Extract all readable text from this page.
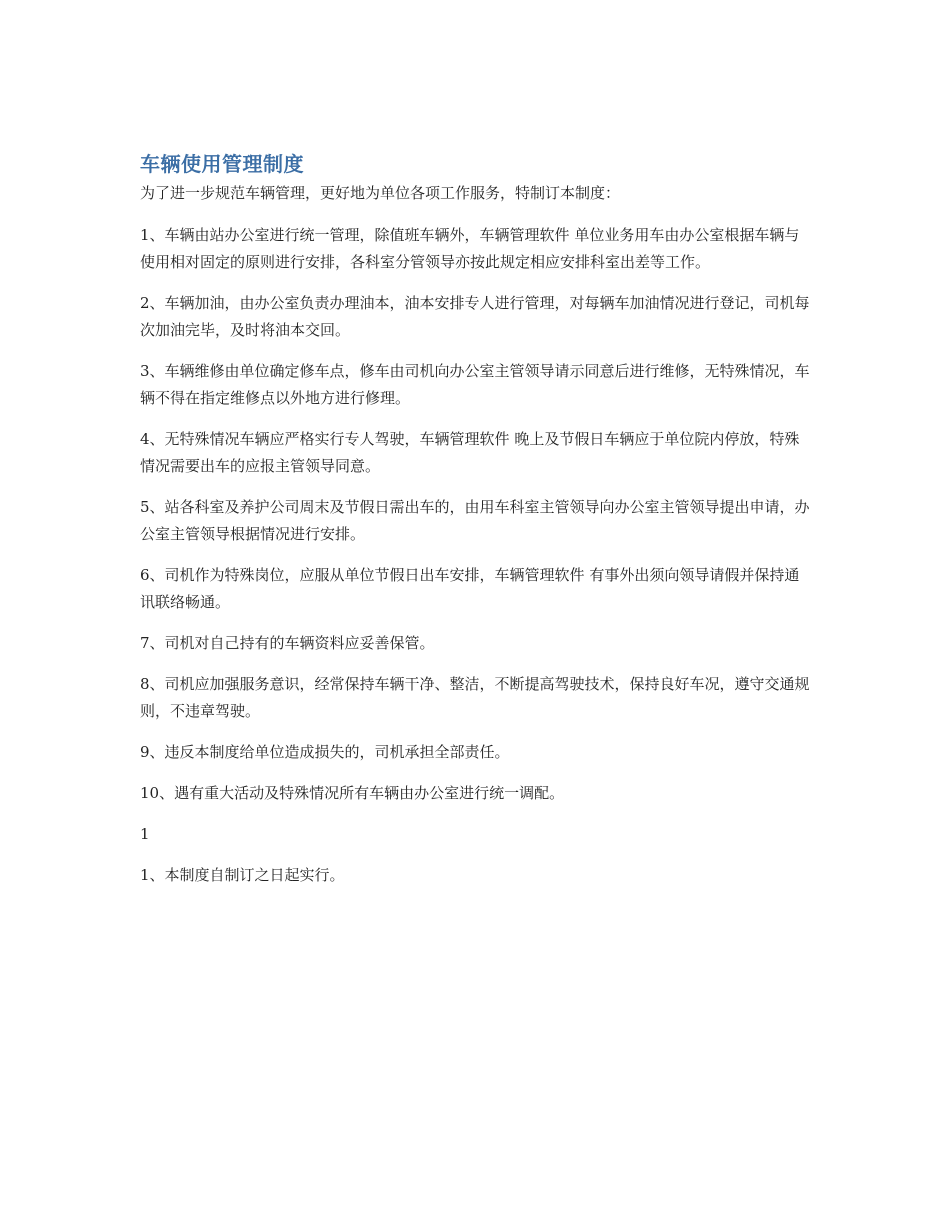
车辆使用管理制度

为了进一步规范车辆管理，更好地为单位各项工作服务，特制订本制度：

1、车辆由站办公室进行统一管理，除值班车辆外，车辆管理软件 单位业务用车由办公室根据车辆与使用相对固定的原则进行安排，各科室分管领导亦按此规定相应安排科室出差等工作。

2、车辆加油，由办公室负责办理油本，油本安排专人进行管理，对每辆车加油情况进行登记，司机每次加油完毕，及时将油本交回。

3、车辆维修由单位确定修车点，修车由司机向办公室主管领导请示同意后进行维修，无特殊情况，车辆不得在指定维修点以外地方进行修理。

4、无特殊情况车辆应严格实行专人驾驶，车辆管理软件 晚上及节假日车辆应于单位院内停放，特殊情况需要出车的应报主管领导同意。

5、站各科室及养护公司周末及节假日需出车的，由用车科室主管领导向办公室主管领导提出申请，办公室主管领导根据情况进行安排。

6、司机作为特殊岗位，应服从单位节假日出车安排，车辆管理软件 有事外出须向领导请假并保持通讯联络畅通。

7、司机对自己持有的车辆资料应妥善保管。

8、司机应加强服务意识，经常保持车辆干净、整洁，不断提高驾驶技术，保持良好车况，遵守交通规则，不违章驾驶。

9、违反本制度给单位造成损失的，司机承担全部责任。

10、遇有重大活动及特殊情况所有车辆由办公室进行统一调配。

1

1、本制度自制订之日起实行。
